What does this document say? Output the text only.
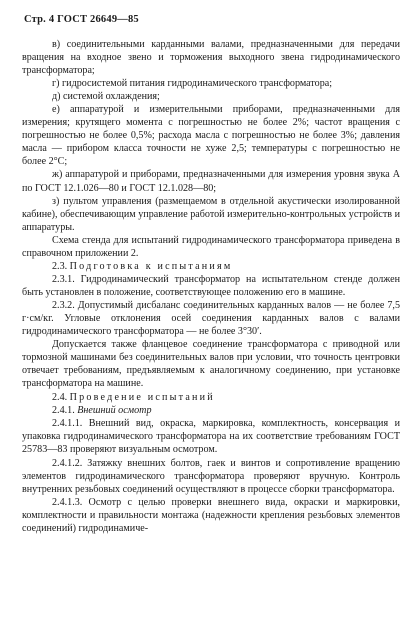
Стр. 4 ГОСТ 26649—85

в) соединительными карданными валами, предназначенными для передачи вращения на входное звено и торможения выходного звена гидродинамического трансформатора;

г) гидросистемой питания гидродинамического трансформатора;

д) системой охлаждения;

е) аппаратурой и измерительными приборами, предназначенными для измерения; крутящего момента с погрешностью не более 2%; частот вращения с погрешностью не более 0,5%; расхода масла с погрешностью не более 3%; давления масла — прибором класса точности не хуже 2,5; температуры с погрешностью не более 2°С;

ж) аппаратурой и приборами, предназначенными для измерения уровня звука А по ГОСТ 12.1.026—80 и ГОСТ 12.1.028—80;

з) пультом управления (размещаемом в отдельной акустически изолированной кабине), обеспечивающим управление работой измерительно-контрольных устройств и аппаратуры.

Схема стенда для испытаний гидродинамического трансформатора приведена в справочном приложении 2.

2.3. Подготовка к испытаниям

2.3.1. Гидродинамический трансформатор на испытательном стенде должен быть установлен в положение, соответствующее положению его в машине.

2.3.2. Допустимый дисбаланс соединительных карданных валов — не более 7,5 г·см/кг. Угловые отклонения осей соединения карданных валов с валами гидродинамического трансформатора — не более 3°30′.

Допускается также фланцевое соединение трансформатора с приводной или тормозной машинами без соединительных валов при условии, что точность центровки отвечает требованиям, предъявляемым к аналогичному соединению, при установке трансформатора на машине.

2.4. Проведение испытаний

2.4.1. Внешний осмотр

2.4.1.1. Внешний вид, окраска, маркировка, комплектность, консервация и упаковка гидродинамического трансформатора на их соответствие требованиям ГОСТ 25783—83 проверяют визуальным осмотром.

2.4.1.2. Затяжку внешних болтов, гаек и винтов и сопротивление вращению элементов гидродинамического трансформатора проверяют вручную. Контроль внутренних резьбовых соединений осуществляют в процессе сборки трансформатора.

2.4.1.3. Осмотр с целью проверки внешнего вида, окраски и маркировки, комплектности и правильности монтажа (надежности крепления резьбовых элементов соединений) гидродинамиче-
